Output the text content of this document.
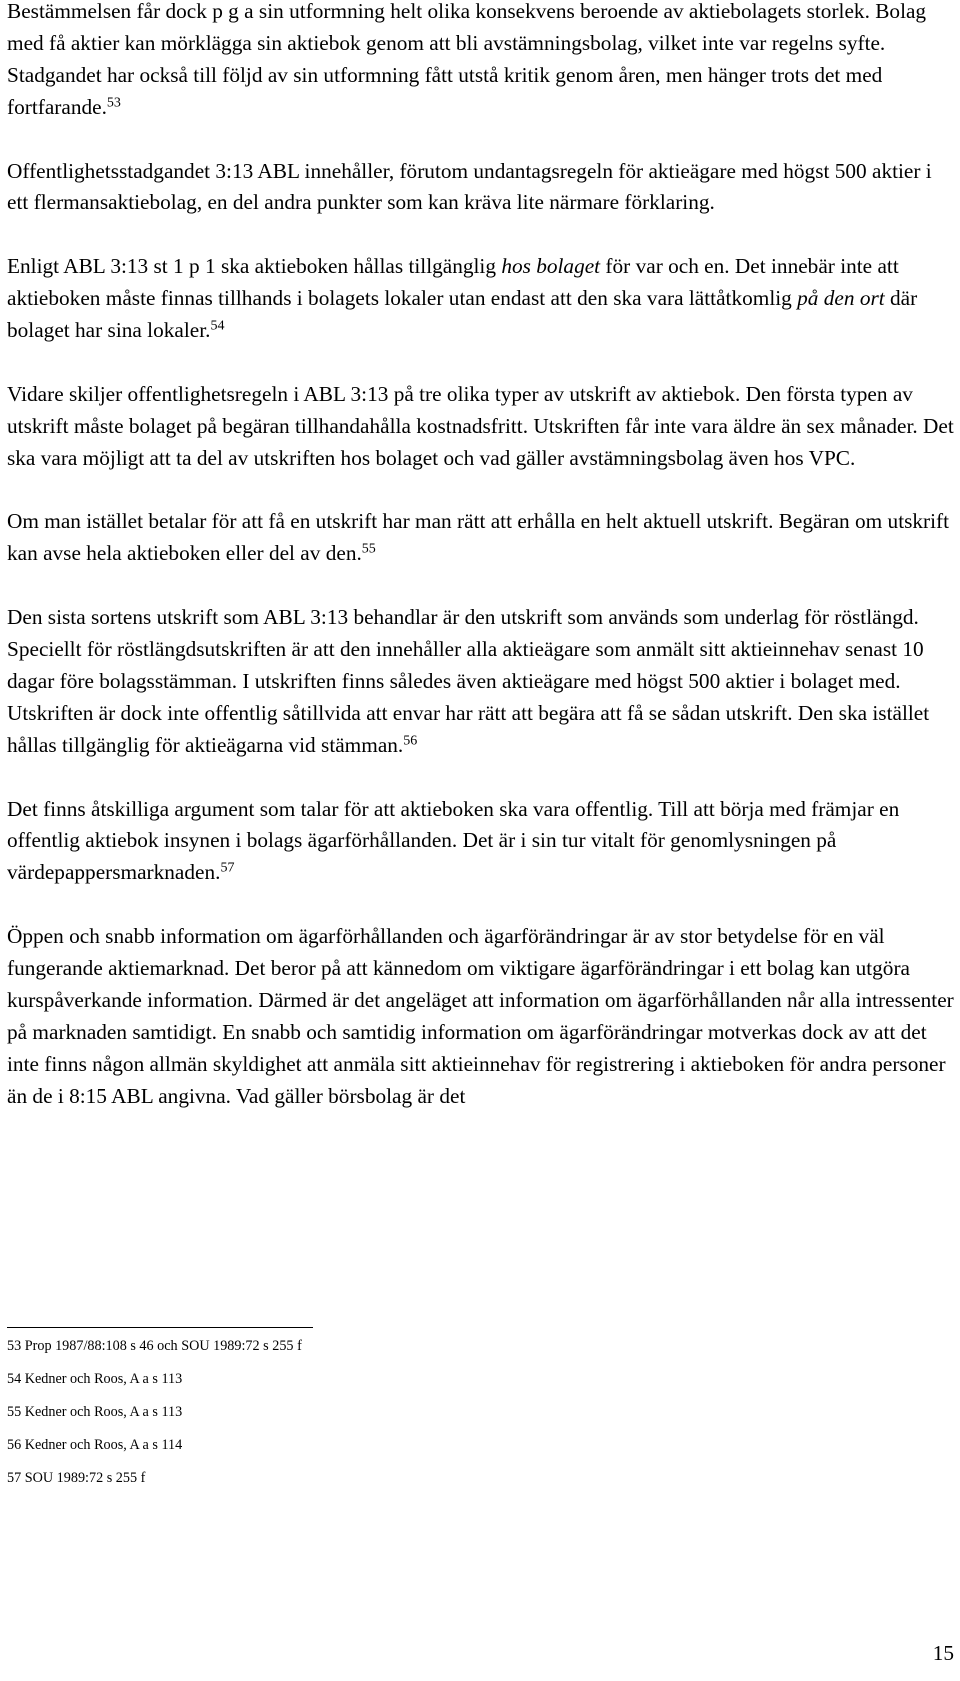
Bestämmelsen får dock p g a sin utformning helt olika konsekvens beroende av aktiebolagets storlek. Bolag med få aktier kan mörklägga sin aktiebok genom att bli avstämningsbolag, vilket inte var regelns syfte. Stadgandet har också till följd av sin utformning fått utstå kritik genom åren, men hänger trots det med fortfarande.$^{53}$

Offentlighetsstadgandet 3:13 ABL innehåller, förutom undantagsregeln för aktieägare med högst 500 aktier i ett flermansaktiebolag, en del andra punkter som kan kräva lite närmare förklaring.

Enligt ABL 3:13 st 1 p 1 ska aktieboken hållas tillgänglig hos bolaget för var och en. Det innebär inte att aktieboken måste finnas tillhands i bolagets lokaler utan endast att den ska vara lättåtkomlig på den ort där bolaget har sina lokaler.$^{54}$

Vidare skiljer offentlighetsregeln i ABL 3:13 på tre olika typer av utskrift av aktiebok. Den första typen av utskrift måste bolaget på begäran tillhandahålla kostnadsfritt. Utskriften får inte vara äldre än sex månader. Det ska vara möjligt att ta del av utskriften hos bolaget och vad gäller avstämningsbolag även hos VPC.

Om man istället betalar för att få en utskrift har man rätt att erhålla en helt aktuell utskrift. Begäran om utskrift kan avse hela aktieboken eller del av den.$^{55}$

Den sista sortens utskrift som ABL 3:13 behandlar är den utskrift som används som underlag för röstlängd. Speciellt för röstlängdsutskriften är att den innehåller alla aktieägare som anmält sitt aktieinnehav senast 10 dagar före bolagsstämman. I utskriften finns således även aktieägare med högst 500 aktier i bolaget med. Utskriften är dock inte offentlig såtillvida att envar har rätt att begära att få se sådan utskrift. Den ska istället hållas tillgänglig för aktieägarna vid stämman.$^{56}$

Det finns åtskilliga argument som talar för att aktieboken ska vara offentlig. Till att börja med främjar en offentlig aktiebok insynen i bolags ägarförhållanden. Det är i sin tur vitalt för genomlysningen på värdepappersmarknaden.$^{57}$

Öppen och snabb information om ägarförhållanden och ägarförändringar är av stor betydelse för en väl fungerande aktiemarknad. Det beror på att kännedom om viktigare ägarförändringar i ett bolag kan utgöra kurspåverkande information. Därmed är det angeläget att information om ägarförhållanden når alla intressenter på marknaden samtidigt. En snabb och samtidig information om ägarförändringar motverkas dock av att det inte finns någon allmän skyldighet att anmäla sitt aktieinnehav för registrering i aktieboken för andra personer än de i 8:15 ABL angivna. Vad gäller börsbolag är det

53 Prop 1987/88:108 s 46 och SOU 1989:72 s 255 f
54 Kedner och Roos, A a s 113
55 Kedner och Roos, A a s 113
56 Kedner och Roos, A a s 114
57 SOU 1989:72 s 255 f
15
